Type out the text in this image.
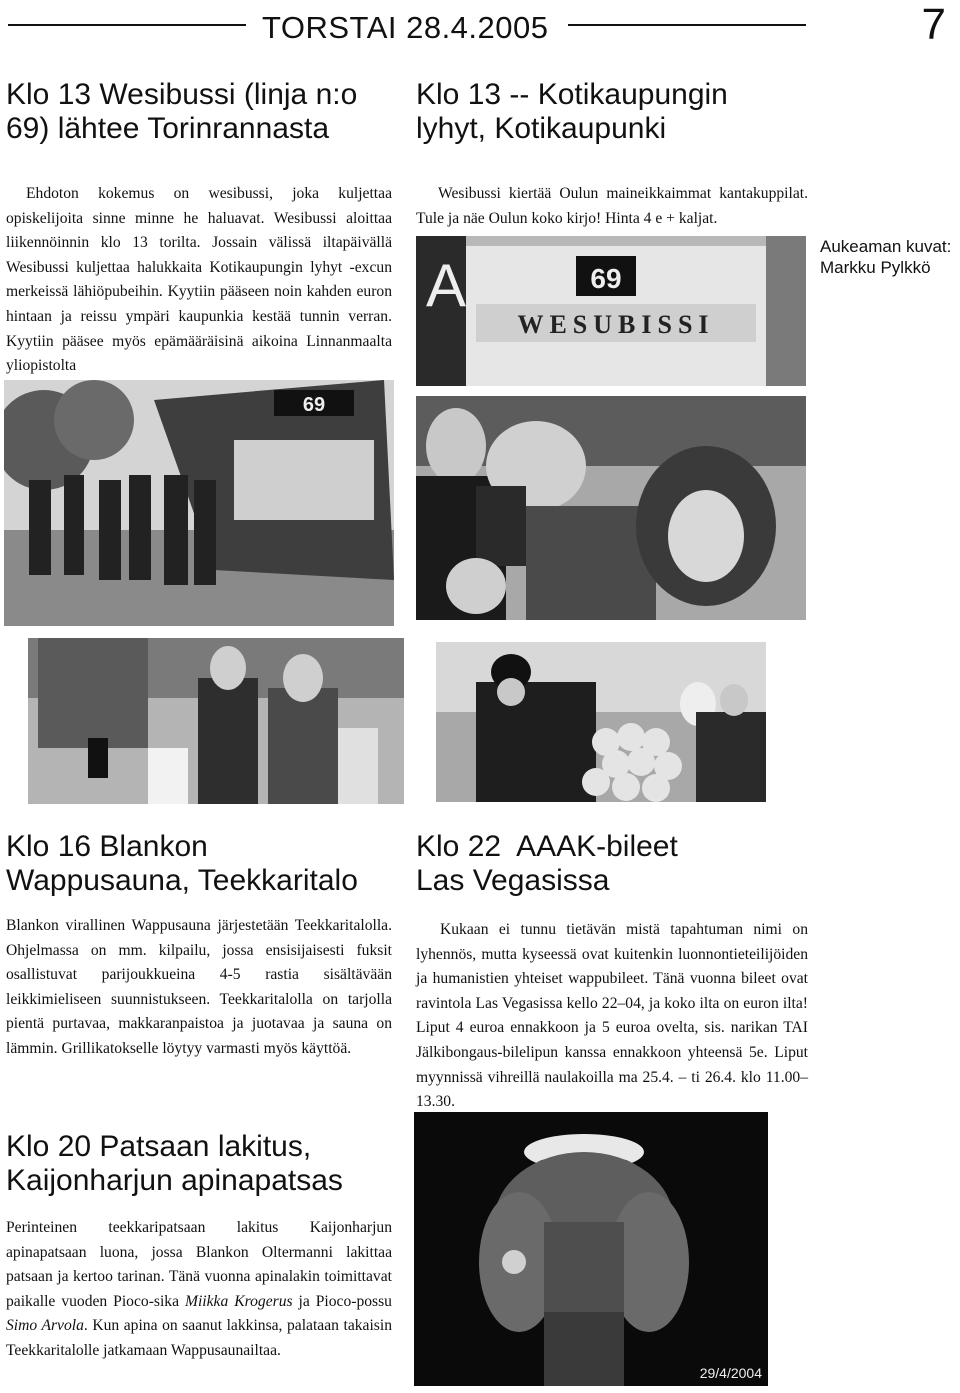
TORSTAI 28.4.2005	7
Klo 13 Wesibussi (linja n:o
69) lähtee Torinrannasta

Ehdoton kokemus on wesibussi, joka kuljettaa opiskelijoita sinne minne he haluavat. Wesibussi aloittaa liikennöinnin klo 13 torilta. Jossain välissä iltapäivällä Wesibussi kuljettaa halukkaita Kotikaupungin lyhyt -excun merkeissä lähiöpubeihin. Kyytiin pääseen noin kahden euron hintaan ja reissu ympäri kaupunkia kestää tunnin verran. Kyytiin pääsee myös epämääräisinä aikoina Linnanmaalta yliopistolta

Klo 13 -- Kotikaupungin
lyhyt, Kotikaupunki

Wesibussi kiertää Oulun maineikkaimmat kantakuppilat. Tule ja näe Oulun koko kirjo! Hinta 4 e + kaljat.

Aukeaman kuvat:
Markku Pylkkö
A	69
WESUBISSI
69
Klo 16 Blankon
Wappusauna, Teekkaritalo

Blankon virallinen Wappusauna järjestetään Teekkaritalolla. Ohjelmassa on mm. kilpailu, jossa ensisijaisesti fuksit osallistuvat parijoukkueina 4-5 rastia sisältävään leikkimieliseen suunnistukseen. Teekkaritalolla on tarjolla pientä purtavaa, makkaranpaistoa ja juotavaa ja sauna on lämmin. Grillikatokselle löytyy varmasti myös käyttöä.

Klo 22  AAAK-bileet
Las Vegasissa

Kukaan ei tunnu tietävän mistä tapahtuman nimi on lyhennös, mutta kyseessä ovat kuitenkin luonnontieteilijöiden ja humanistien yhteiset wappubileet. Tänä vuonna bileet ovat ravintola Las Vegasissa kello 22–04, ja koko ilta on euron ilta! Liput 4 euroa ennakkoon ja 5 euroa ovelta, sis. narikan TAI Jälkibongaus-bilelipun kanssa ennakkoon yhteensä 5e. Liput myynnissä vihreillä naulakoilla ma 25.4. – ti 26.4. klo 11.00–13.30.

Klo 20 Patsaan lakitus,
Kaijonharjun apinapatsas

Perinteinen teekkaripatsaan lakitus Kaijonharjun apinapatsaan luona, jossa Blankon Oltermanni lakittaa patsaan ja kertoo tarinan. Tänä vuonna apinalakin toimittavat paikalle vuoden Pioco-sika Miikka Krogerus ja Pioco-possu Simo Arvola. Kun apina on saanut lakkinsa, palataan takaisin Teekkaritalolle jatkamaan Wappusaunailtaa.

29/4/2004
